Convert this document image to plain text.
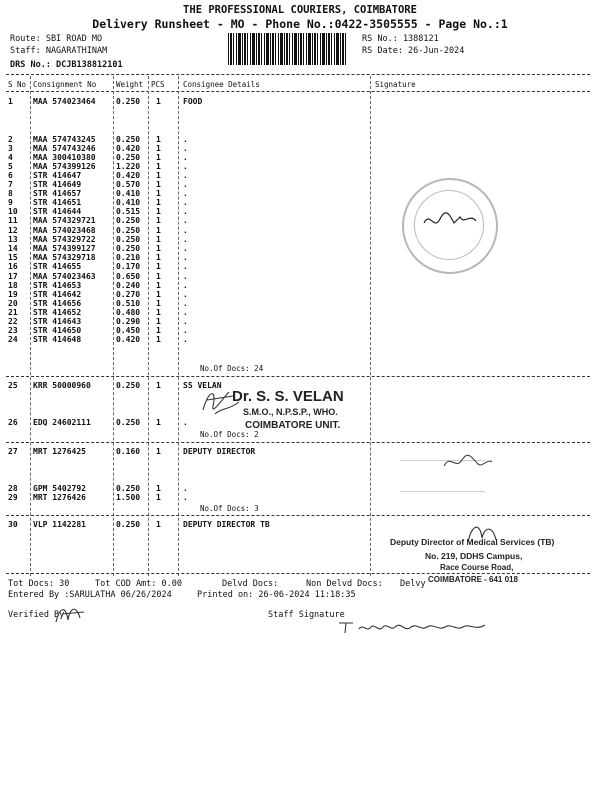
THE PROFESSIONAL COURIERS, COIMBATORE
Delivery Runsheet - MO - Phone No.:0422-3505555 - Page No.:1
Route: SBI ROAD MO
Staff: NAGARATHINAM
DRS No.: DCJB138812101
RS No.: 1388121
RS Date: 26-Jun-2024
S No Consignment No	Weight PCS Consignee Details	Signature
1	MAA 574023464	0.250 1	FOOD
2	MAA 574743245	0.250 1	.
3	MAA 574743246	0.420 1	.
4	MAA 300410380	0.250 1	.
5	MAA 574399126	1.220 1	.
6	STR 414647	0.420 1	.
7	STR 414649	0.570 1	.
8	STR 414657	0.410 1	.
9	STR 414651	0.410 1	.
10 STR 414644	0.515 1	.
11 MAA 574329721	0.250 1	.
12 MAA 574023468	0.250 1	.
13 MAA 574329722	0.250 1	.
14 MAA 574399127	0.250 1	.
15 MAA 574329718	0.210 1	.
16 STR 414655	0.170 1	.
17 MAA 574023463	0.650 1	.
18 STR 414653	0.240 1	.
19 STR 414642	0.270 1	.
20 STR 414656	0.510 1	.
21 STR 414652	0.480 1	.
22 STR 414643	0.290 1	.
23 STR 414650	0.450 1	.
24 STR 414648	0.420 1	.
25 KRR 50000960	0.250 1	SS VELAN
26 EDQ 24602111	0.250 1	.
27 MRT 1276425	0.160 1	DEPUTY DIRECTOR
28 GPM 5402792	0.250 1	.
29 MRT 1276426	1.500 1	.
30 VLP 1142281	0.250 1	DEPUTY DIRECTOR TB
No.Of Docs: 24
No.Of Docs: 2
No.Of Docs: 3
Dr. S. S. VELAN
S.M.O., N.P.S.P., WHO.
COIMBATORE UNIT.
Deputy Director of Medical Services (TB)
No. 219, DDHS Campus,
Race Course Road,
COIMBATORE - 641 018
Tot Docs: 30	Tot COD Amt: 0.00	Delvd Docs:	Non Delvd Docs: Delvy
Entered By :SARULATHA 06/26/2024	Printed on: 26-06-2024 11:18:35
Verified By	Staff Signature
